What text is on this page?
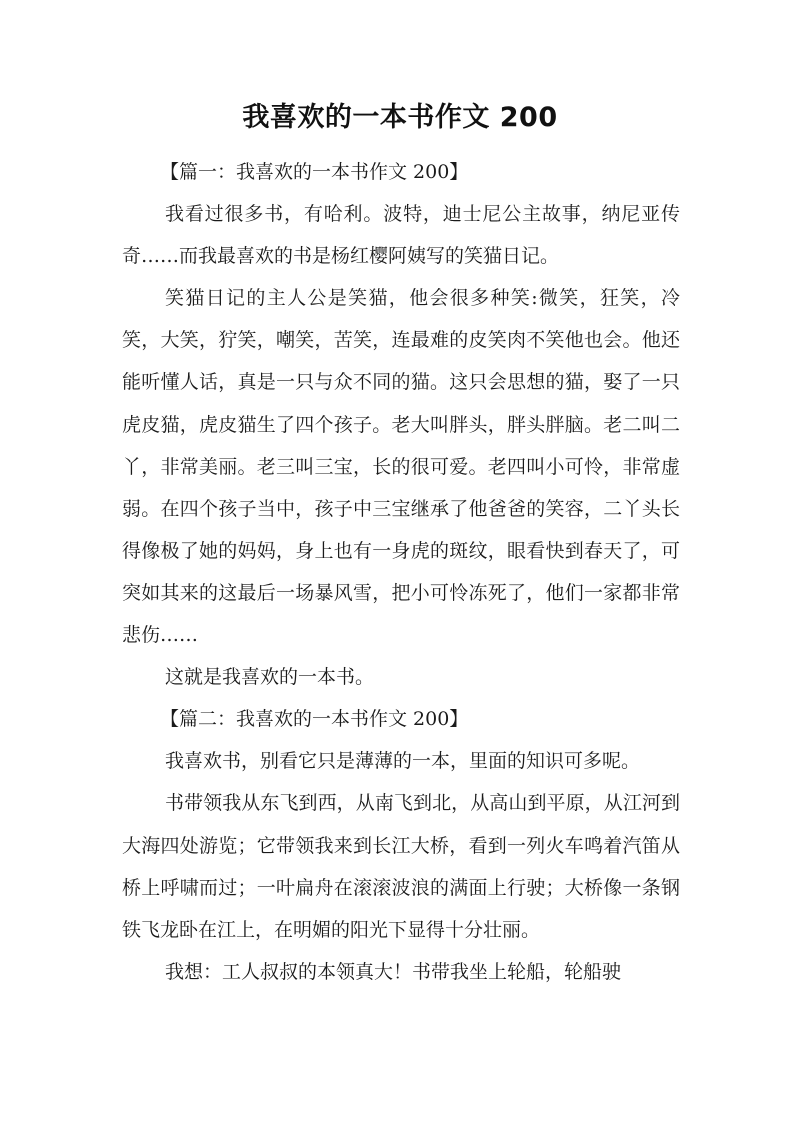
我喜欢的一本书作文 200

【篇一：我喜欢的一本书作文 200】

我看过很多书，有哈利。波特，迪士尼公主故事，纳尼亚传奇……而我最喜欢的书是杨红樱阿姨写的笑猫日记。

笑猫日记的主人公是笑猫，他会很多种笑:微笑，狂笑，冷笑，大笑，狞笑，嘲笑，苦笑，连最难的皮笑肉不笑他也会。他还能听懂人话，真是一只与众不同的猫。这只会思想的猫，娶了一只虎皮猫，虎皮猫生了四个孩子。老大叫胖头，胖头胖脑。老二叫二丫，非常美丽。老三叫三宝，长的很可爱。老四叫小可怜，非常虚弱。在四个孩子当中，孩子中三宝继承了他爸爸的笑容，二丫头长得像极了她的妈妈，身上也有一身虎的斑纹，眼看快到春天了，可突如其来的这最后一场暴风雪，把小可怜冻死了，他们一家都非常悲伤……

这就是我喜欢的一本书。

【篇二：我喜欢的一本书作文 200】

我喜欢书，别看它只是薄薄的一本，里面的知识可多呢。

书带领我从东飞到西，从南飞到北，从高山到平原，从江河到大海四处游览；它带领我来到长江大桥，看到一列火车鸣着汽笛从桥上呼啸而过；一叶扁舟在滚滚波浪的满面上行驶；大桥像一条钢铁飞龙卧在江上，在明媚的阳光下显得十分壮丽。

我想：工人叔叔的本领真大！书带我坐上轮船，轮船驶
